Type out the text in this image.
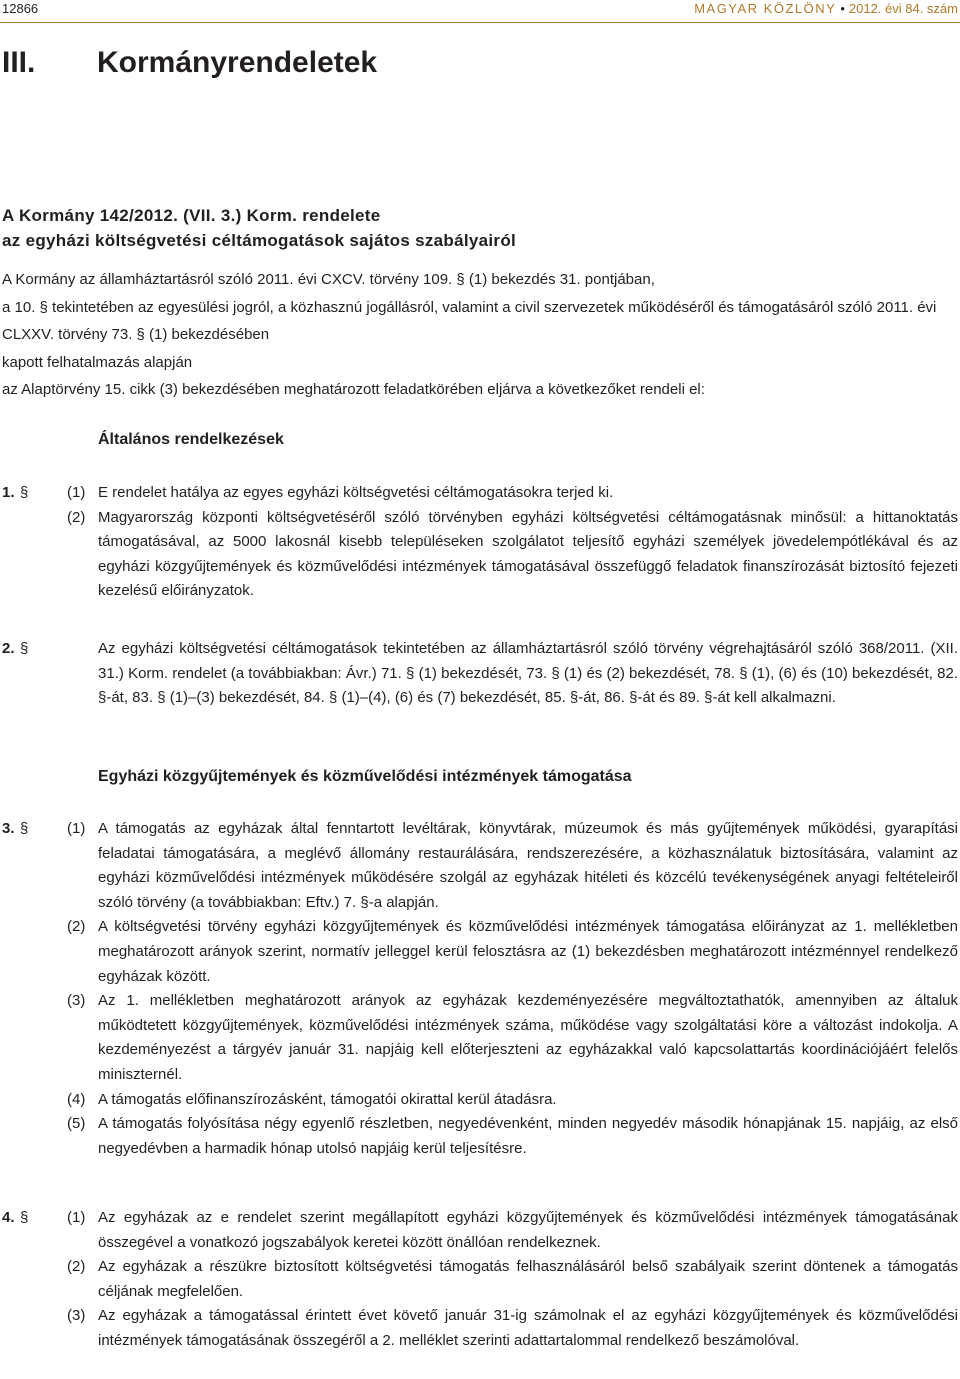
12866	MAGYAR KÖZLÖNY • 2012. évi 84. szám
III. Kormányrendeletek
A Kormány 142/2012. (VII. 3.) Korm. rendelete
az egyházi költségvetési céltámogatások sajátos szabályairól
A Kormány az államháztartásról szóló 2011. évi CXCV. törvény 109. § (1) bekezdés 31. pontjában,
a 10. § tekintetében az egyesülési jogról, a közhasznú jogállásról, valamint a civil szervezetek működéséről és támogatásáról szóló 2011. évi CLXXV. törvény 73. § (1) bekezdésében
kapott felhatalmazás alapján
az Alaptörvény 15. cikk (3) bekezdésében meghatározott feladatkörében eljárva a következőket rendeli el:
Általános rendelkezések
1. §	(1) E rendelet hatálya az egyes egyházi költségvetési céltámogatásokra terjed ki.
(2) Magyarország központi költségvetéséről szóló törvényben egyházi költségvetési céltámogatásnak minősül: a hittanoktatás támogatásával, az 5000 lakosnál kisebb településeken szolgálatot teljesítő egyházi személyek jövedelempótlékával és az egyházi közgyűjtemények és közművelődési intézmények támogatásával összefüggő feladatok finanszírozását biztosító fejezeti kezelésű előirányzatok.
2. §	Az egyházi költségvetési céltámogatások tekintetében az államháztartásról szóló törvény végrehajtásáról szóló 368/2011. (XII. 31.) Korm. rendelet (a továbbiakban: Ávr.) 71. § (1) bekezdését, 73. § (1) és (2) bekezdését, 78. § (1), (6) és (10) bekezdését, 82. §-át, 83. § (1)–(3) bekezdését, 84. § (1)–(4), (6) és (7) bekezdését, 85. §-át, 86. §-át és 89. §-át kell alkalmazni.
Egyházi közgyűjtemények és közművelődési intézmények támogatása
3. §	(1) A támogatás az egyházak által fenntartott levéltárak, könyvtárak, múzeumok és más gyűjtemények működési, gyarapítási feladatai támogatására, a meglévő állomány restaurálására, rendszerezésére, a közhasználatuk biztosítására, valamint az egyházi közművelődési intézmények működésére szolgál az egyházak hitéleti és közcélú tevékenységének anyagi feltételeiről szóló törvény (a továbbiakban: Eftv.) 7. §-a alapján.
(2) A költségvetési törvény egyházi közgyűjtemények és közművelődési intézmények támogatása előirányzat az 1. mellékletben meghatározott arányok szerint, normatív jelleggel kerül felosztásra az (1) bekezdésben meghatározott intézménnyel rendelkező egyházak között.
(3) Az 1. mellékletben meghatározott arányok az egyházak kezdeményezésére megváltoztathatók, amennyiben az általuk működtetett közgyűjtemények, közművelődési intézmények száma, működése vagy szolgáltatási köre a változást indokolja. A kezdeményezést a tárgyév január 31. napjáig kell előterjeszteni az egyházakkal való kapcsolattartás koordinációjáért felelős miniszternél.
(4) A támogatás előfinanszírozásként, támogatói okirattal kerül átadásra.
(5) A támogatás folyósítása négy egyenlő részletben, negyedévenként, minden negyedév második hónapjának 15. napjáig, az első negyedévben a harmadik hónap utolsó napjáig kerül teljesítésre.
4. §	(1) Az egyházak az e rendelet szerint megállapított egyházi közgyűjtemények és közművelődési intézmények támogatásának összegével a vonatkozó jogszabályok keretei között önállóan rendelkeznek.
(2) Az egyházak a részükre biztosított költségvetési támogatás felhasználásáról belső szabályaik szerint döntenek a támogatás céljának megfelelően.
(3) Az egyházak a támogatással érintett évet követő január 31-ig számolnak el az egyházi közgyűjtemények és közművelődési intézmények támogatásának összegéről a 2. melléklet szerinti adattartalommal rendelkező beszámolóval.
